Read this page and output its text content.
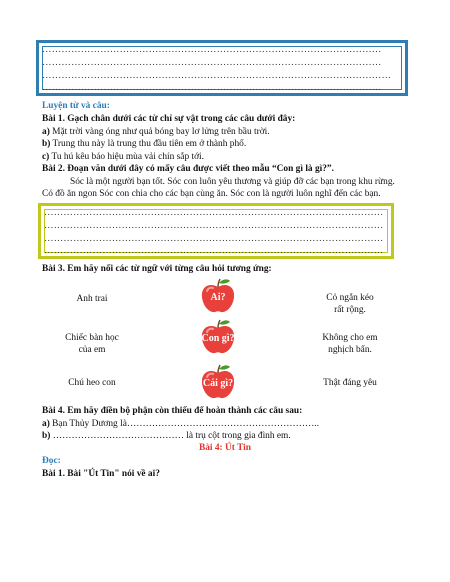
……………………………………………………………………………………………
……………………………………………………………………………………………
………………………………………………………………………………………………
……………………………………………………………………………………………
Luyện từ và câu:
Bài 1. Gạch chân dưới các từ chỉ sự vật trong các câu dưới đây:
a) Mặt trời vàng óng như quả bóng bay lơ lửng trên bầu trời.
b) Trung thu này là trung thu đầu tiên em ở thành phố.
c) Tu hú kêu báo hiệu mùa vải chín sắp tới.
Bài 2. Đoạn văn dưới đây có mấy câu được viết theo mẫu “Con gì là gì?”.
Sóc là một người bạn tốt. Sóc con luôn yêu thương và giúp đỡ các bạn trong khu rừng.
Có đồ ăn ngon Sóc con chia cho các bạn cùng ăn. Sóc con là người luôn nghĩ đến các bạn.
……………………………………………………………………………………………
……………………………………………………………………………………………
……………………………………………………………………………………………
……………………………………………………………………………………………
Bài 3. Em hãy nối các từ ngữ với từng câu hỏi tương ứng:
Anh trai
Chiếc bàn học
của em
Chú heo con
Ai?
Con gì?
Cái gì?
Cỏ ngắn kéo
rất rộng.
Không cho em
nghịch bẩn.
Thật đáng yêu
Bài 4. Em hãy điền bộ phận còn thiếu để hoàn thành các câu sau:
a) Bạn Thủy Dương là……………………………………………………..
b) …………………………………… là trụ cột trong gia đình em.
Bài 4: Út Tin
Đọc:
Bài 1. Bài "Út Tin" nói về ai?
